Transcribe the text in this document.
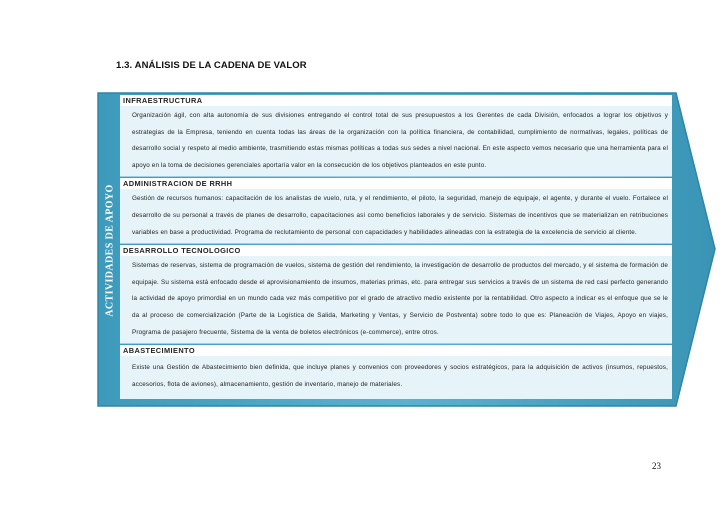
1.3. ANÁLISIS DE LA CADENA DE VALOR
ACTIVIDADES DE APOYO
INFRAESTRUCTURA
Organización ágil, con alta autonomía de sus divisiones entregando el control total de sus presupuestos a los Gerentes de cada División, enfocados a lograr los objetivos y estrategias de la Empresa, teniendo en cuenta todas las áreas de la organización con la política financiera, de contabilidad, cumplimiento de normativas, legales, políticas de desarrollo social y respeto al medio ambiente, trasmitiendo estas mismas políticas a todas sus sedes a nivel nacional. En este aspecto vemos necesario que una herramienta para el apoyo en la toma de decisiones gerenciales aportaría valor en la consecución de los objetivos planteados en este punto.
ADMINISTRACION DE RRHH
Gestión de recursos humanos: capacitación de los analistas de vuelo, ruta, y el rendimiento, el piloto, la seguridad, manejo de equipaje, el agente, y durante el vuelo. Fortalece el desarrollo de su personal a través de planes de desarrollo, capacitaciones así como beneficios laborales y de servicio. Sistemas de incentivos que se materializan en retribuciones variables en base a productividad. Programa de reclutamiento de personal con capacidades y habilidades alineadas con la estrategia de la excelencia de servicio al cliente.
DESARROLLO TECNOLOGICO
Sistemas de reservas, sistema de programación de vuelos, sistema de gestión del rendimiento, la investigación de desarrollo de productos del mercado, y el sistema de formación de equipaje. Su sistema está enfocado desde el aprovisionamiento de insumos, materias primas, etc. para entregar sus servicios a través de un sistema de red casi perfecto generando la actividad de apoyo primordial en un mundo cada vez más competitivo por el grado de atractivo medio existente por la rentabilidad. Otro aspecto a indicar es el enfoque que se le da al proceso de comercialización (Parte de la Logística de Salida, Marketing y Ventas, y Servicio de Postventa) sobre todo lo que es: Planeación de Viajes, Apoyo en viajes, Programa de pasajero frecuente, Sistema de la venta de boletos electrónicos (e-commerce), entre otros.
ABASTECIMIENTO
Existe una Gestión de Abastecimiento bien definida, que incluye planes y convenios con proveedores y socios estratégicos, para la adquisición de activos (insumos, repuestos, accesorios, flota de aviones), almacenamiento, gestión de inventario, manejo de materiales.
23
